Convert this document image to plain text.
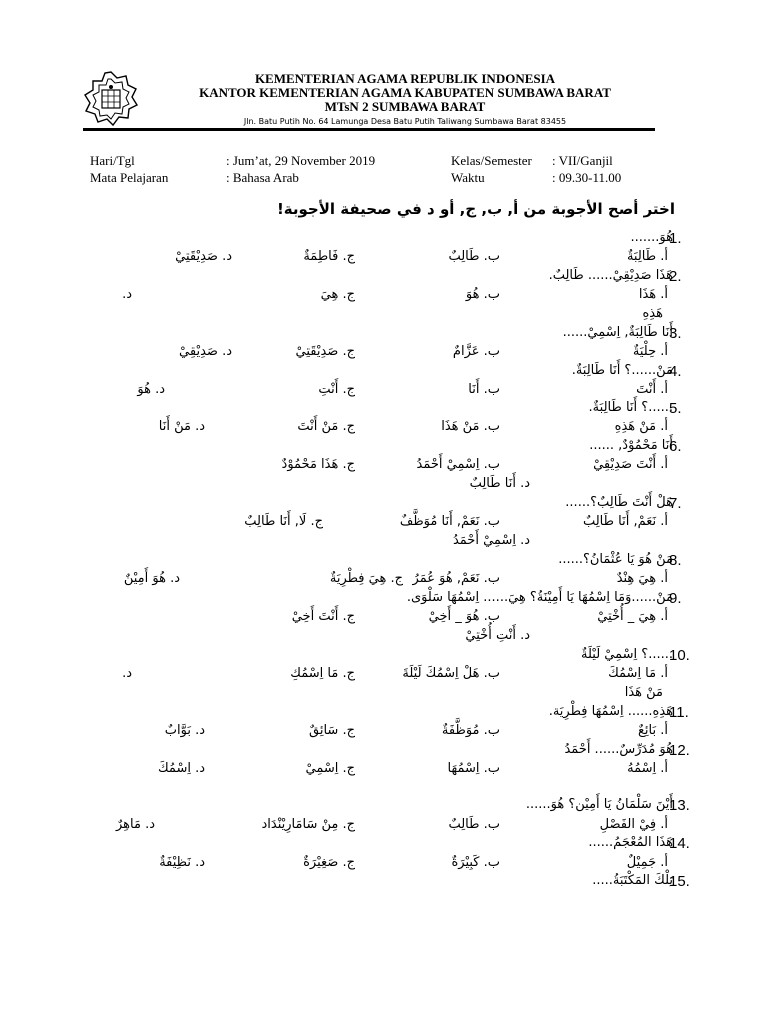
KEMENTERIAN AGAMA REPUBLIK INDONESIA
KANTOR KEMENTERIAN AGAMA KABUPATEN SUMBAWA BARAT
MTsN 2 SUMBAWA BARAT
Jln. Batu Putih No. 64 Lamunga Desa Batu Putih Taliwang Sumbawa Barat 83455
Hari/Tgl	: Jum’at, 29 November 2019	Kelas/Semester : VII/Ganjil
Mata Pelajaran	: Bahasa Arab	Waktu	: 09.30-11.00
اختر أصح الأجوبة من أ, ب, ج, أو د في صحيفة الأجوبة!
1.
هُوَ.......
أ. طَالِبَةٌ
ب. طَالِبٌ
ج. فَاطِمَةٌ
د. صَدِيْقَتِيْ
2.
هَذَا صَدِيْقِيْ...... طَالِبٌ.
أ. هَذَا
ب. هُوَ
ج. هِيَ
د.
هَذِهِ
3.
أَنَا طَالِبَةٌ, اِسْمِيْ......
أ. حِلْيَةٌ
ب. عَزَّامٌ
ج. صَدِيْقَتِيْ
د. صَدِيْقِيْ
4.
مَنْ......؟ أَنَا طَالِبَةٌ.
أ. أَنْتَ
ب. أَنَا
ج. أَنْتِ
د. هُوَ
5.
......؟ أَنَا طَالِبَةٌ.
أ. مَنْ هَذِهِ
ب. مَنْ هَذَا
ج. مَنْ أَنْتَ
د. مَنْ أَنَا
6.
أَنَا مَحْمُوْدٌ, ......
أ. أَنْتَ صَدِيْقِيْ
ب. اِسْمِيْ أَحْمَدُ
ج. هَذَا مَحْمُوْدٌ
د. أَنَا طَالِبٌ
7.
هَلْ أَنْتَ طَالِبٌ؟......
أ. نَعَمْ, أَنَا طَالِبٌ
ب. نَعَمْ, أَنَا مُوَظَّفٌ
ج. لَا, أَنَا طَالِبٌ
د. اِسْمِيْ أَحْمَدُ
8.
مَنْ هُوَ يَا عُثْمَانُ؟......
أ. هِيَ هِنْدٌ
ب. نَعَمْ, هُوَ عُمَرُ
ج. هِيَ فِطْرِيَةٌ
د. هُوَ أَمِيْنٌ
9.
مَنْ......وَمَا اِسْمُهَا يَا أَمِيْنَةُ؟ هِيَ...... اِسْمُهَا سَلْوَى.
أ. هِيَ _ أُخْتِيْ
ب. هُوَ _ أَخِيْ
ج. أَنْتَ أَخِيْ
د. أَنْتِ أُخْتِيْ
10.
......؟ اِسْمِيْ لَيْلَةٌ
أ. مَا اِسْمُكَ
ب. هَلْ اِسْمُكَ لَيْلَةَ
ج. مَا اِسْمُكِ
د.
مَنْ هَذَا
11.
هَذِهِ...... اِسْمُهَا فِطْرِيَة.
أ. بَائِعٌ
ب. مُوَظَّفَةٌ
ج. سَائِقٌ
د. بَوَّابٌ
12.
هُوَ مُدَرِّسٌ...... أَحْمَدُ
أ. اِسْمُهُ
ب. اِسْمُهَا
ج. اِسْمِيْ
د. اِسْمُكَ
13.
أَيْنَ سَلْمَانُ يَا أَمِيْن؟ هُوَ......
أ. فِيْ الفَصْلِ
ب. طَالِبٌ
ج. مِنْ سَامَارِيْنْدَاد
د. مَاهِرٌ
14.
هَذَا المُعْجَمُ......
أ. جَمِيْلٌ
ب. كَبِيْرَةٌ
ج. صَغِيْرَةٌ
د. نَظِيْفَةٌ
15.
تِلْكَ المَكْتَبَةُ.....
